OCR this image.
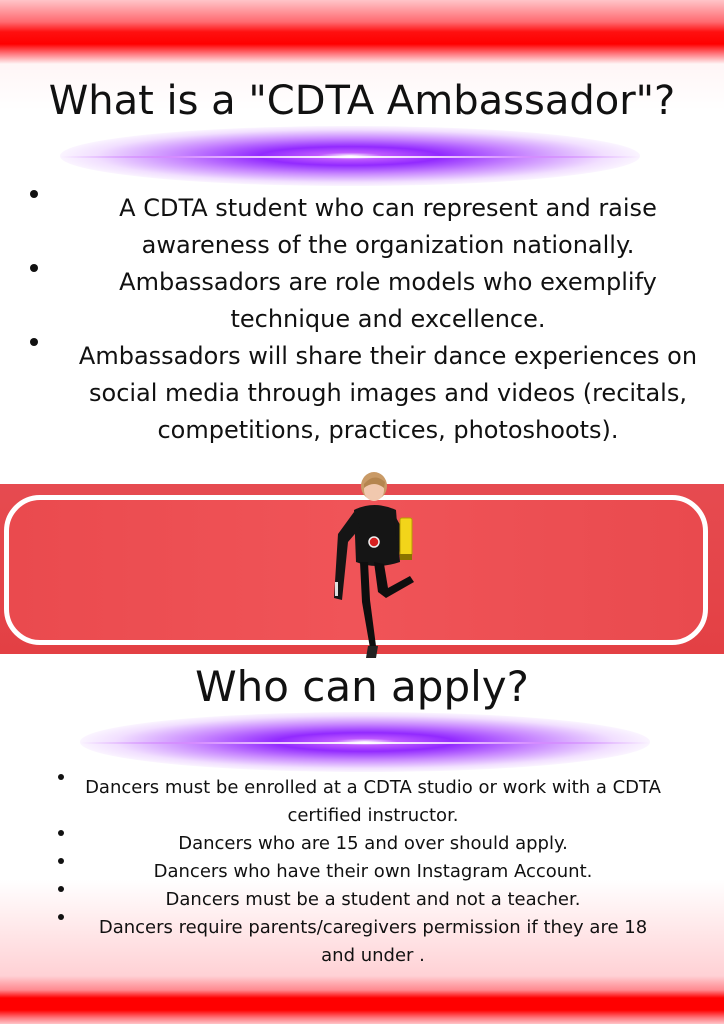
What is a "CDTA Ambassador"?
A CDTA student who can represent and raise awareness of the organization nationally.
Ambassadors are role models who exemplify technique and excellence.
Ambassadors will share their dance experiences on social media through images and videos (recitals, competitions, practices, photoshoots).
Who can apply?
Dancers must be enrolled at a CDTA studio or work with a CDTA certified instructor.
Dancers who are 15 and over should apply.
Dancers who have their own Instagram Account.
Dancers must be a student and not a teacher.
Dancers require parents/caregivers permission if they are 18 and under .
